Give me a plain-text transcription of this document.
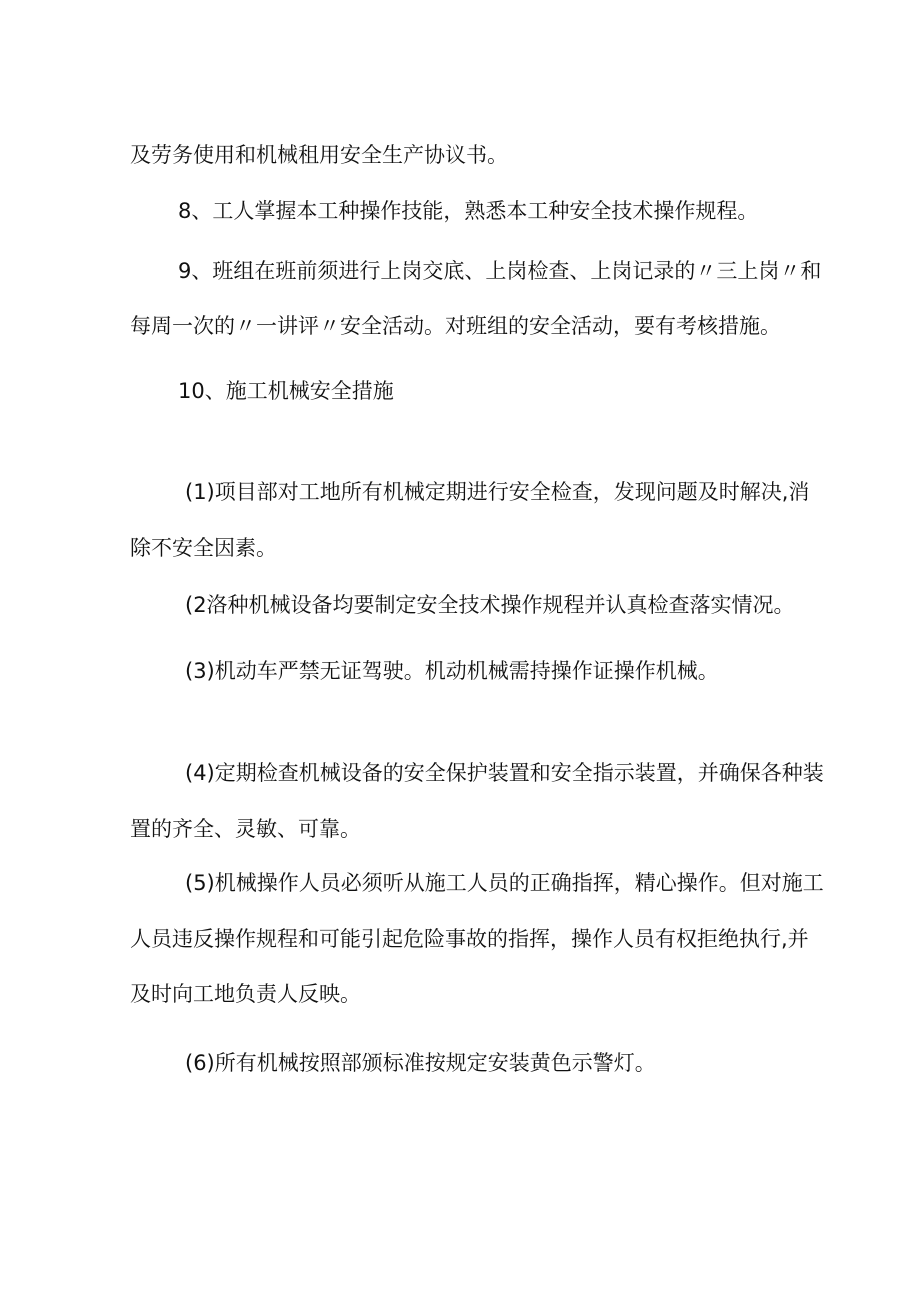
及劳务使用和机械租用安全生产协议书。
8、工人掌握本工种操作技能，熟悉本工种安全技术操作规程。
9、班组在班前须进行上岗交底、上岗检查、上岗记录的〃三上岗〃和
每周一次的〃一讲评〃安全活动。对班组的安全活动，要有考核措施。
10、施工机械安全措施
(1)项目部对工地所有机械定期进行安全检查，发现问题及时解决,消
除不安全因素。
(2洛种机械设备均要制定安全技术操作规程并认真检查落实情况。
(3)机动车严禁无证驾驶。机动机械需持操作证操作机械。
(4)定期检查机械设备的安全保护装置和安全指示装置，并确保各种装
置的齐全、灵敏、可靠。
(5)机械操作人员必须听从施工人员的正确指挥，精心操作。但对施工
人员违反操作规程和可能引起危险事故的指挥，操作人员有权拒绝执行,并
及时向工地负责人反映。
(6)所有机械按照部颁标准按规定安装黄色示警灯。
